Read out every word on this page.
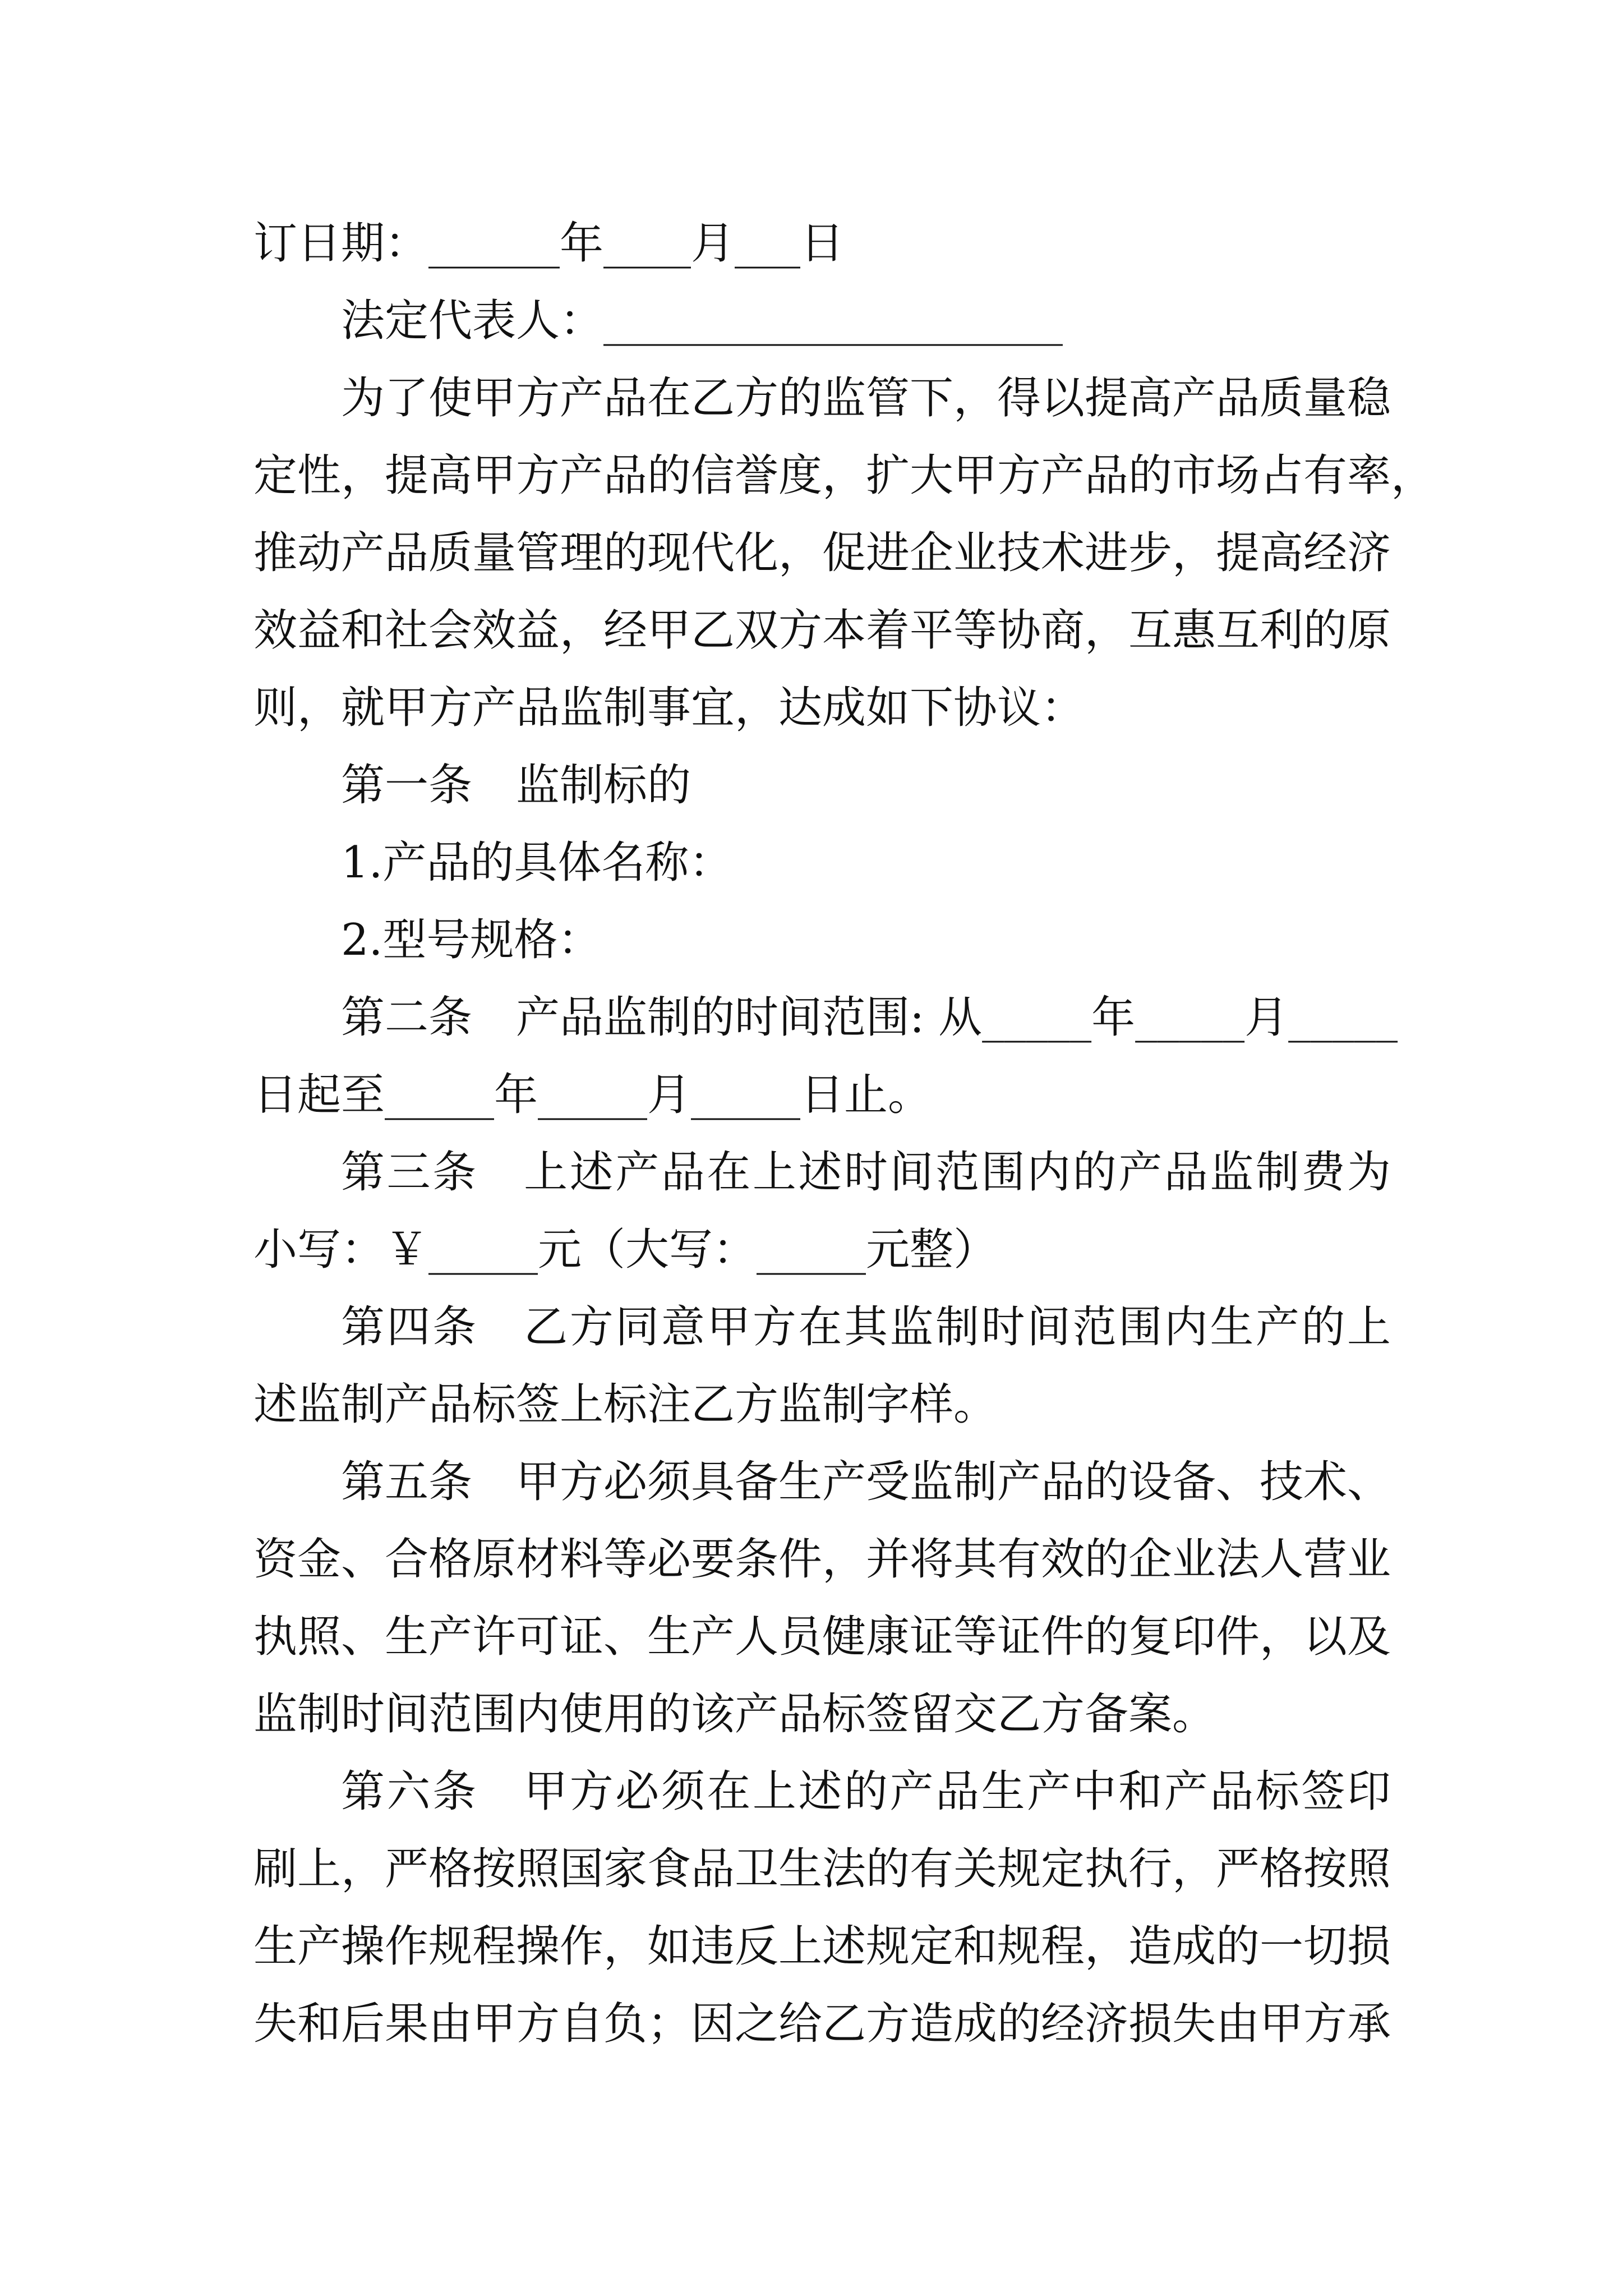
订日期：______年____月___日
法定代表人：_____________________
为了使甲方产品在乙方的监管下，得以提高产品质量稳
定性，提高甲方产品的信誉度，扩大甲方产品的市场占有率，
推动产品质量管理的现代化，促进企业技术进步，提高经济
效益和社会效益，经甲乙双方本着平等协商，互惠互利的原
则，就甲方产品监制事宜，达成如下协议：
第一条　监制标的
1.产品的具体名称：
2.型号规格：
第二条　产品监制的时间范围: 从_____年_____月_____
日起至_____年_____月_____日止。
第三条　上述产品在上述时间范围内的产品监制费为
小写：￥_____元（大写：_____元整）
第四条　乙方同意甲方在其监制时间范围内生产的上
述监制产品标签上标注乙方监制字样。
第五条　甲方必须具备生产受监制产品的设备、技术、
资金、合格原材料等必要条件，并将其有效的企业法人营业
执照、生产许可证、生产人员健康证等证件的复印件，以及
监制时间范围内使用的该产品标签留交乙方备案。
第六条　甲方必须在上述的产品生产中和产品标签印
刷上，严格按照国家食品卫生法的有关规定执行，严格按照
生产操作规程操作，如违反上述规定和规程，造成的一切损
失和后果由甲方自负；因之给乙方造成的经济损失由甲方承
